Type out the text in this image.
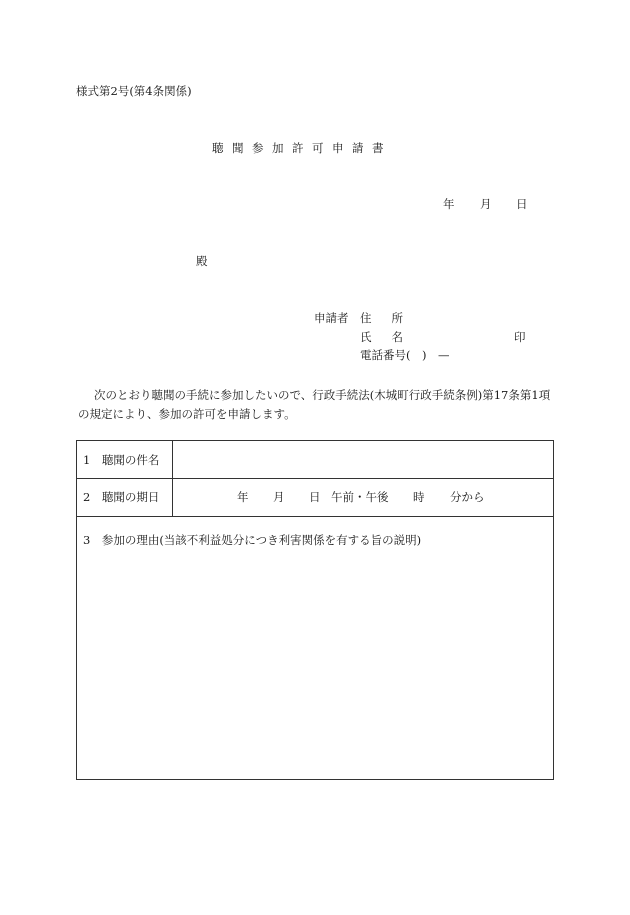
様式第2号(第4条関係)
聴聞参加許可申請書
年 月 日
殿
申請者 住所
氏名	印
電話番号(　)　—
次のとおり聴聞の手続に参加したいので、行政手続法(木城町行政手続条例)第17条第1項の規定により、参加の許可を申請します。
1　聴聞の件名
2　聴聞の期日	年 月 日 午前・午後 時 分から
3　参加の理由(当該不利益処分につき利害関係を有する旨の説明)
